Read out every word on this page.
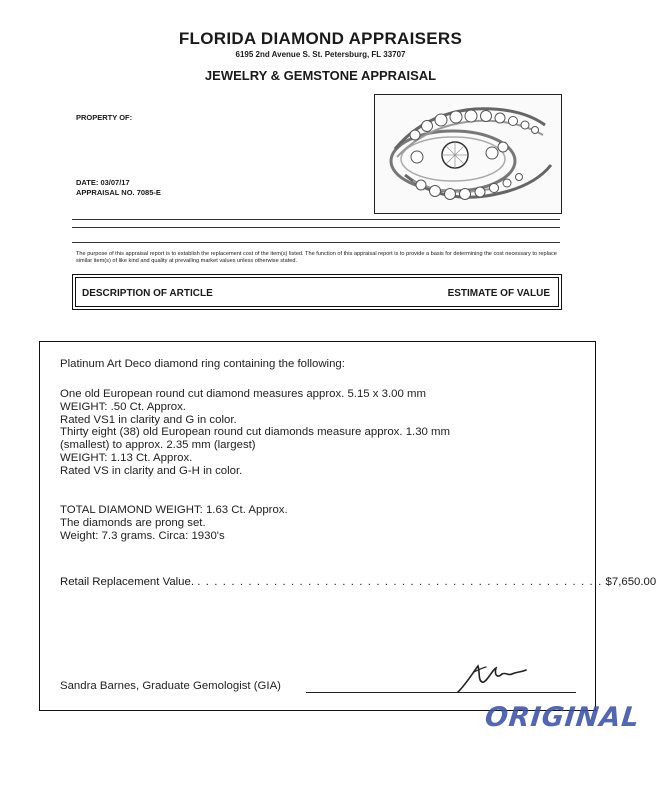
FLORIDA DIAMOND APPRAISERS
6195 2nd Avenue S. St. Petersburg, FL 33707
JEWELRY & GEMSTONE APPRAISAL
PROPERTY OF:
DATE: 03/07/17
APPRAISAL NO. 7085-E
The purpose of this appraisal report is to establish the replacement cost of the item(s) listed. The function of this appraisal report is to provide a basis for determining the cost necessary to replace similar item(s) of like kind and quality at prevailing market values unless otherwise stated.
DESCRIPTION OF ARTICLE	ESTIMATE OF VALUE
Platinum Art Deco diamond ring containing the following:
One old European round cut diamond measures approx. 5.15 x 3.00 mm
WEIGHT: .50 Ct. Approx.
Rated VS1 in clarity and G in color.
Thirty eight (38) old European round cut diamonds measure approx. 1.30 mm
(smallest) to approx. 2.35 mm (largest)
WEIGHT: 1.13 Ct. Approx.
Rated VS in clarity and G-H in color.
TOTAL DIAMOND WEIGHT: 1.63 Ct. Approx.
The diamonds are prong set.
Weight: 7.3 grams. Circa: 1930's
Retail Replacement Value. . . . . . . . . . . . . . . . . . . . . . . . . . . . . . . . . . . . . . . . . . . . . . . . . $7,650.00
Sandra Barnes, Graduate Gemologist (GIA)
ORIGINAL
